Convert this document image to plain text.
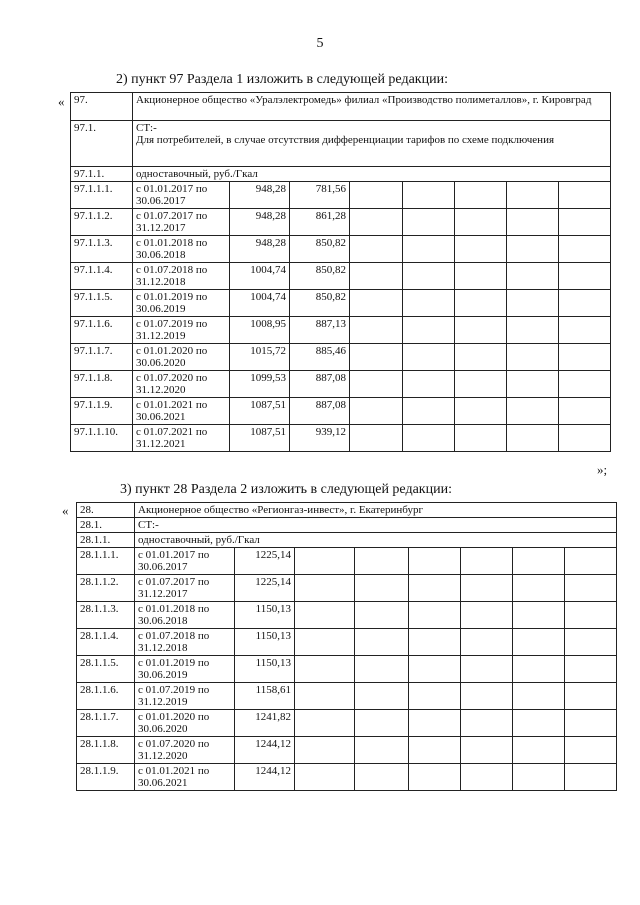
5
2) пункт 97 Раздела 1 изложить в следующей редакции:
« 97.	Акционерное общество «Уралэлектромедь» филиал «Производство полиметаллов», г. Кировград							
97.1.	СТ:-
Для потребителей, в случае отсутствия дифференциации тарифов по схеме подключения							

97.1.1.	одноставочный, руб./Гкал							
97.1.1.1.	с 01.01.2017 по 30.06.2017	948,28	781,56					
97.1.1.2.	с 01.07.2017 по 31.12.2017	948,28	861,28					
97.1.1.3.	с 01.01.2018 по 30.06.2018	948,28	850,82					
97.1.1.4.	с 01.07.2018 по 31.12.2018	1004,74	850,82					
97.1.1.5.	с 01.01.2019 по 30.06.2019	1004,74	850,82					
97.1.1.6.	с 01.07.2019 по 31.12.2019	1008,95	887,13					
97.1.1.7.	с 01.01.2020 по 30.06.2020	1015,72	885,46					
97.1.1.8.	с 01.07.2020 по 31.12.2020	1099,53	887,08					
97.1.1.9.	с 01.01.2021 по 30.06.2021	1087,51	887,08					
97.1.1.10.	с 01.07.2021 по 31.12.2021	1087,51	939,12					
»;
3) пункт 28 Раздела 2 изложить в следующей редакции:
« 28.	Акционерное общество «Регионгаз-инвест», г. Екатеринбург							
28.1.	СТ:-							
28.1.1.	одноставочный, руб./Гкал							
28.1.1.1.	с 01.01.2017 по 30.06.2017	1225,14						
28.1.1.2.	с 01.07.2017 по 31.12.2017	1225,14						
28.1.1.3.	с 01.01.2018 по 30.06.2018	1150,13						
28.1.1.4.	с 01.07.2018 по 31.12.2018	1150,13						
28.1.1.5.	с 01.01.2019 по 30.06.2019	1150,13						
28.1.1.6.	с 01.07.2019 по 31.12.2019	1158,61						
28.1.1.7.	с 01.01.2020 по 30.06.2020	1241,82						
28.1.1.8.	с 01.07.2020 по 31.12.2020	1244,12						
28.1.1.9.	с 01.01.2021 по 30.06.2021	1244,12						
